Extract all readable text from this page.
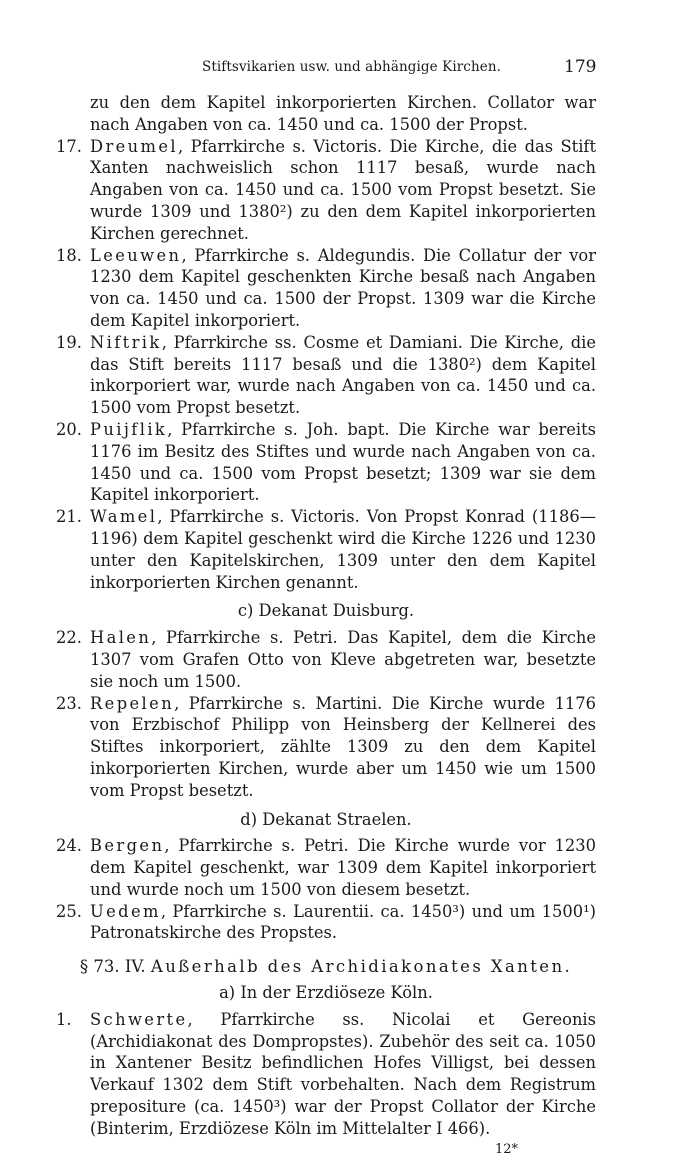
Stiftsvikarien usw. und abhängige Kirchen.	179

zu den dem Kapitel inkorporierten Kirchen. Collator war nach Angaben von ca. 1450 und ca. 1500 der Propst.

17. Dreumel, Pfarrkirche s. Victoris. Die Kirche, die das Stift Xanten nachweislich schon 1117 besaß, wurde nach Angaben von ca. 1450 und ca. 1500 vom Propst besetzt. Sie wurde 1309 und 1380²) zu den dem Kapitel inkorporierten Kirchen gerechnet.
18. Leeuwen, Pfarrkirche s. Aldegundis. Die Collatur der vor 1230 dem Kapitel geschenkten Kirche besaß nach Angaben von ca. 1450 und ca. 1500 der Propst. 1309 war die Kirche dem Kapitel inkorporiert.
19. Niftrik, Pfarrkirche ss. Cosme et Damiani. Die Kirche, die das Stift bereits 1117 besaß und die 1380²) dem Kapitel inkorporiert war, wurde nach Angaben von ca. 1450 und ca. 1500 vom Propst besetzt.
20. Puijflik, Pfarrkirche s. Joh. bapt. Die Kirche war bereits 1176 im Besitz des Stiftes und wurde nach Angaben von ca. 1450 und ca. 1500 vom Propst besetzt; 1309 war sie dem Kapitel inkorporiert.
21. Wamel, Pfarrkirche s. Victoris. Von Propst Konrad (1186—1196) dem Kapitel geschenkt wird die Kirche 1226 und 1230 unter den Kapitelskirchen, 1309 unter den dem Kapitel inkorporierten Kirchen genannt.
c) Dekanat Duisburg.
22. Halen, Pfarrkirche s. Petri. Das Kapitel, dem die Kirche 1307 vom Grafen Otto von Kleve abgetreten war, besetzte sie noch um 1500.
23. Repelen, Pfarrkirche s. Martini. Die Kirche wurde 1176 von Erzbischof Philipp von Heinsberg der Kellnerei des Stiftes inkorporiert, zählte 1309 zu den dem Kapitel inkorporierten Kirchen, wurde aber um 1450 wie um 1500 vom Propst besetzt.
d) Dekanat Straelen.
24. Bergen, Pfarrkirche s. Petri. Die Kirche wurde vor 1230 dem Kapitel geschenkt, war 1309 dem Kapitel inkorporiert und wurde noch um 1500 von diesem besetzt.
25. Uedem, Pfarrkirche s. Laurentii. ca. 1450³) und um 1500¹) Patronatskirche des Propstes.
§ 73. IV. Außerhalb des Archidiakonates Xanten.
a) In der Erzdiöseze Köln.
1.	Schwerte, Pfarrkirche ss. Nicolai et Gereonis (Archidiakonat des Dompropstes). Zubehör des seit ca. 1050 in Xantener Besitz befindlichen Hofes Villigst, bei dessen Verkauf 1302 dem Stift vorbehalten. Nach dem Registrum prepositure (ca. 1450³) war der Propst Collator der Kirche (Binterim, Erzdiözese Köln im Mittelalter I 466).
12*
